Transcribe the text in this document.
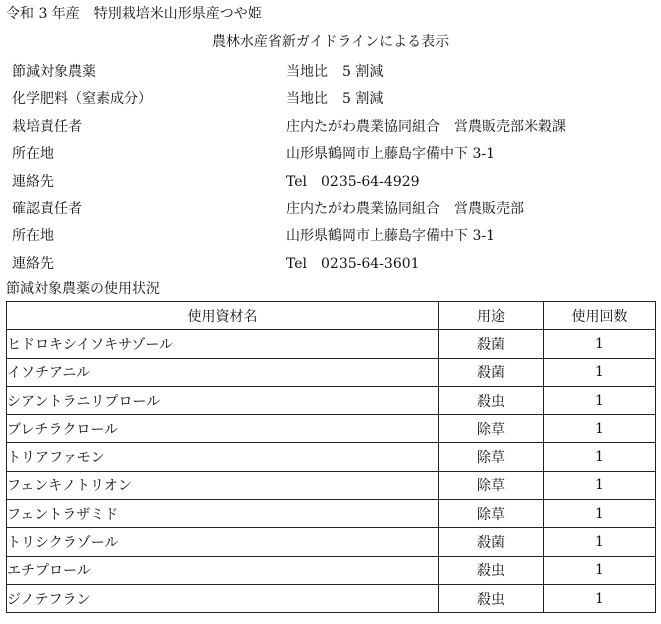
令和 3 年産　特別栽培米山形県産つや姫
農林水産省新ガイドラインによる表示
節減対象農薬	当地比　5 割減
化学肥料（窒素成分）	当地比　5 割減
栽培責任者	庄内たがわ農業協同組合　営農販売部米穀課
所在地	山形県鶴岡市上藤島字備中下 3-1
連絡先	Tel　0235-64-4929
確認責任者	庄内たがわ農業協同組合　営農販売部
所在地	山形県鶴岡市上藤島字備中下 3-1
連絡先	Tel　0235-64-3601
節減対象農薬の使用状況
使用資材名	用途	使用回数
ヒドロキシイソキサゾール	殺菌	1
イソチアニル	殺菌	1
シアントラニリプロール	殺虫	1
ブレチラクロール	除草	1
トリアファモン	除草	1
フェンキノトリオン	除草	1
フェントラザミド	除草	1
トリシクラゾール	殺菌	1
エチプロール	殺虫	1
ジノテフラン	殺虫	1
